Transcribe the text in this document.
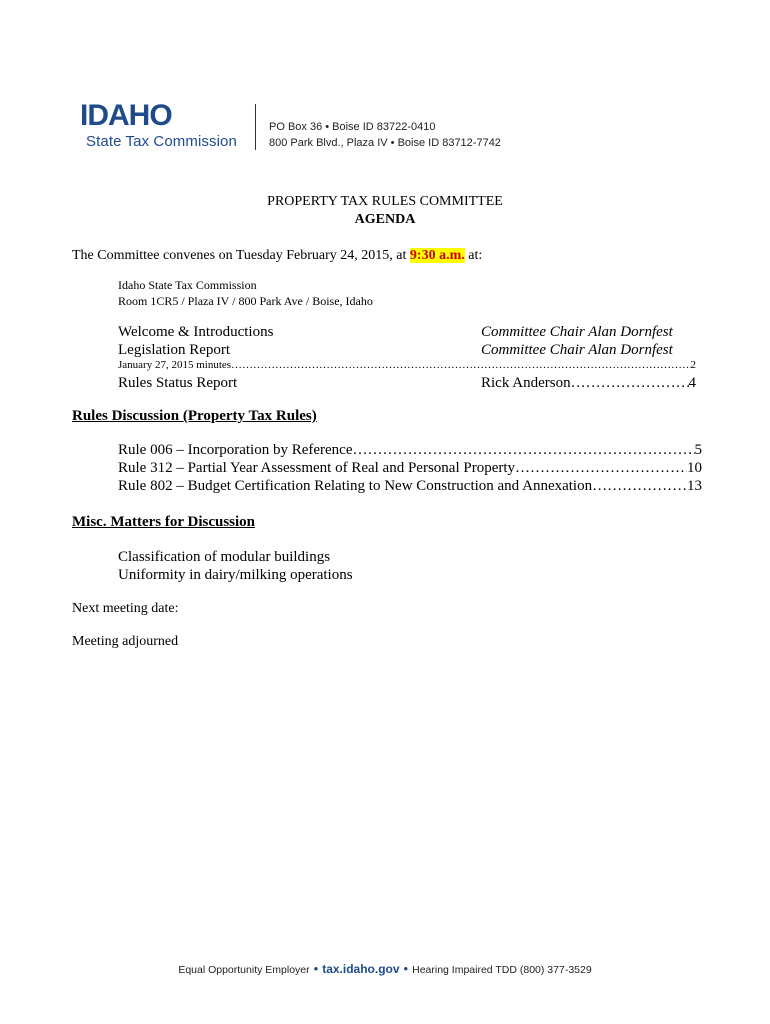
IDAHO
State Tax Commission
PO Box 36 • Boise ID 83722-0410
800 Park Blvd., Plaza IV • Boise ID 83712-7742
PROPERTY TAX RULES COMMITTEE
AGENDA
The Committee convenes on Tuesday February 24, 2015, at 9:30 a.m. at:
Idaho State Tax Commission
Room 1CR5 / Plaza IV / 800 Park Ave / Boise, Idaho
Welcome & Introductions	Committee Chair Alan Dornfest
Legislation Report	Committee Chair Alan Dornfest
January 27, 2015 minutes ……………………………………………………………………………………………………………………………………………………………………………	2
Rules Status Report	Rick Anderson ……………………………………………………………………………………………………………………………………………………………………………	4
Rules Discussion (Property Tax Rules)
Rule 006 – Incorporation by Reference ……………………………………………………………………………………………………………………………………………………………………………	5
Rule 312 – Partial Year Assessment of Real and Personal Property ……………………………………………………………………………………………………………………………………………………………………………	10
Rule 802 – Budget Certification Relating to New Construction and Annexation ……………………………………………………………………………………………………………………………………………………………………………	13
Misc. Matters for Discussion
Classification of modular buildings
Uniformity in dairy/milking operations
Next meeting date:
Meeting adjourned
Equal Opportunity Employer • tax.idaho.gov • Hearing Impaired TDD (800) 377-3529
